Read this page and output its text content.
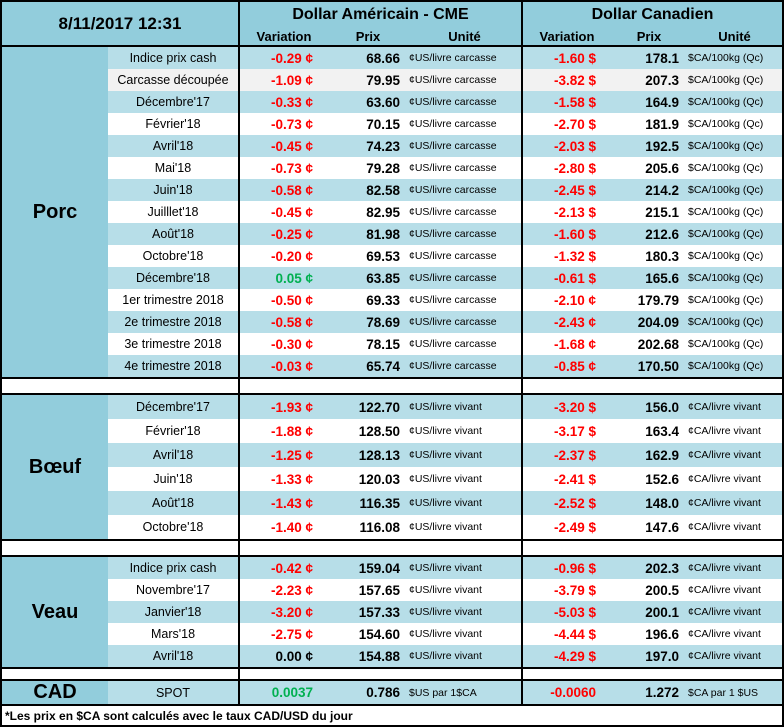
8/11/2017 12:31	Dollar Américain - CME
Variation	Prix	Unité
Dollar Canadien
Variation	Prix	Unité
Porc
Indice prix cash	-0.29 ¢	68.66 ¢US/livre carcasse	-1.60 $	178.1 $CA/100kg (Qc)
Carcasse découpée	-1.09 ¢	79.95 ¢US/livre carcasse	-3.82 $	207.3 $CA/100kg (Qc)
Décembre'17	-0.33 ¢	63.60 ¢US/livre carcasse	-1.58 $	164.9 $CA/100kg (Qc)
Février'18	-0.73 ¢	70.15 ¢US/livre carcasse	-2.70 $	181.9 $CA/100kg (Qc)
Avril'18	-0.45 ¢	74.23 ¢US/livre carcasse	-2.03 $	192.5 $CA/100kg (Qc)
Mai'18	-0.73 ¢	79.28 ¢US/livre carcasse	-2.80 $	205.6 $CA/100kg (Qc)
Juin'18	-0.58 ¢	82.58 ¢US/livre carcasse	-2.45 $	214.2 $CA/100kg (Qc)
Juilllet'18	-0.45 ¢	82.95 ¢US/livre carcasse	-2.13 $	215.1 $CA/100kg (Qc)
Août'18	-0.25 ¢	81.98 ¢US/livre carcasse	-1.60 $	212.6 $CA/100kg (Qc)
Octobre'18	-0.20 ¢	69.53 ¢US/livre carcasse	-1.32 $	180.3 $CA/100kg (Qc)
Décembre'18	0.05 ¢	63.85 ¢US/livre carcasse	-0.61 $	165.6 $CA/100kg (Qc)
1er trimestre 2018	-0.50 ¢	69.33 ¢US/livre carcasse	-2.10 ¢	179.79 $CA/100kg (Qc)
2e trimestre 2018	-0.58 ¢	78.69 ¢US/livre carcasse	-2.43 ¢	204.09 $CA/100kg (Qc)
3e trimestre 2018	-0.30 ¢	78.15 ¢US/livre carcasse	-1.68 ¢	202.68 $CA/100kg (Qc)
4e trimestre 2018	-0.03 ¢	65.74 ¢US/livre carcasse	-0.85 ¢	170.50 $CA/100kg (Qc)
Bœuf
Décembre'17	-1.93 ¢	122.70 ¢US/livre vivant	-3.20 $	156.0 ¢CA/livre vivant
Février'18	-1.88 ¢	128.50 ¢US/livre vivant	-3.17 $	163.4 ¢CA/livre vivant
Avril'18	-1.25 ¢	128.13 ¢US/livre vivant	-2.37 $	162.9 ¢CA/livre vivant
Juin'18	-1.33 ¢	120.03 ¢US/livre vivant	-2.41 $	152.6 ¢CA/livre vivant
Août'18	-1.43 ¢	116.35 ¢US/livre vivant	-2.52 $	148.0 ¢CA/livre vivant
Octobre'18	-1.40 ¢	116.08 ¢US/livre vivant	-2.49 $	147.6 ¢CA/livre vivant
Veau
Indice prix cash	-0.42 ¢	159.04 ¢US/livre vivant	-0.96 $	202.3 ¢CA/livre vivant
Novembre'17	-2.23 ¢	157.65 ¢US/livre vivant	-3.79 $	200.5 ¢CA/livre vivant
Janvier'18	-3.20 ¢	157.33 ¢US/livre vivant	-5.03 $	200.1 ¢CA/livre vivant
Mars'18	-2.75 ¢	154.60 ¢US/livre vivant	-4.44 $	196.6 ¢CA/livre vivant
Avril'18	0.00 ¢	154.88 ¢US/livre vivant	-4.29 $	197.0 ¢CA/livre vivant
CAD	SPOT	0.0037	0.786 $US par 1$CA	-0.0060	1.272 $CA par 1 $US
*Les prix en $CA sont calculés avec le taux CAD/USD du jour
